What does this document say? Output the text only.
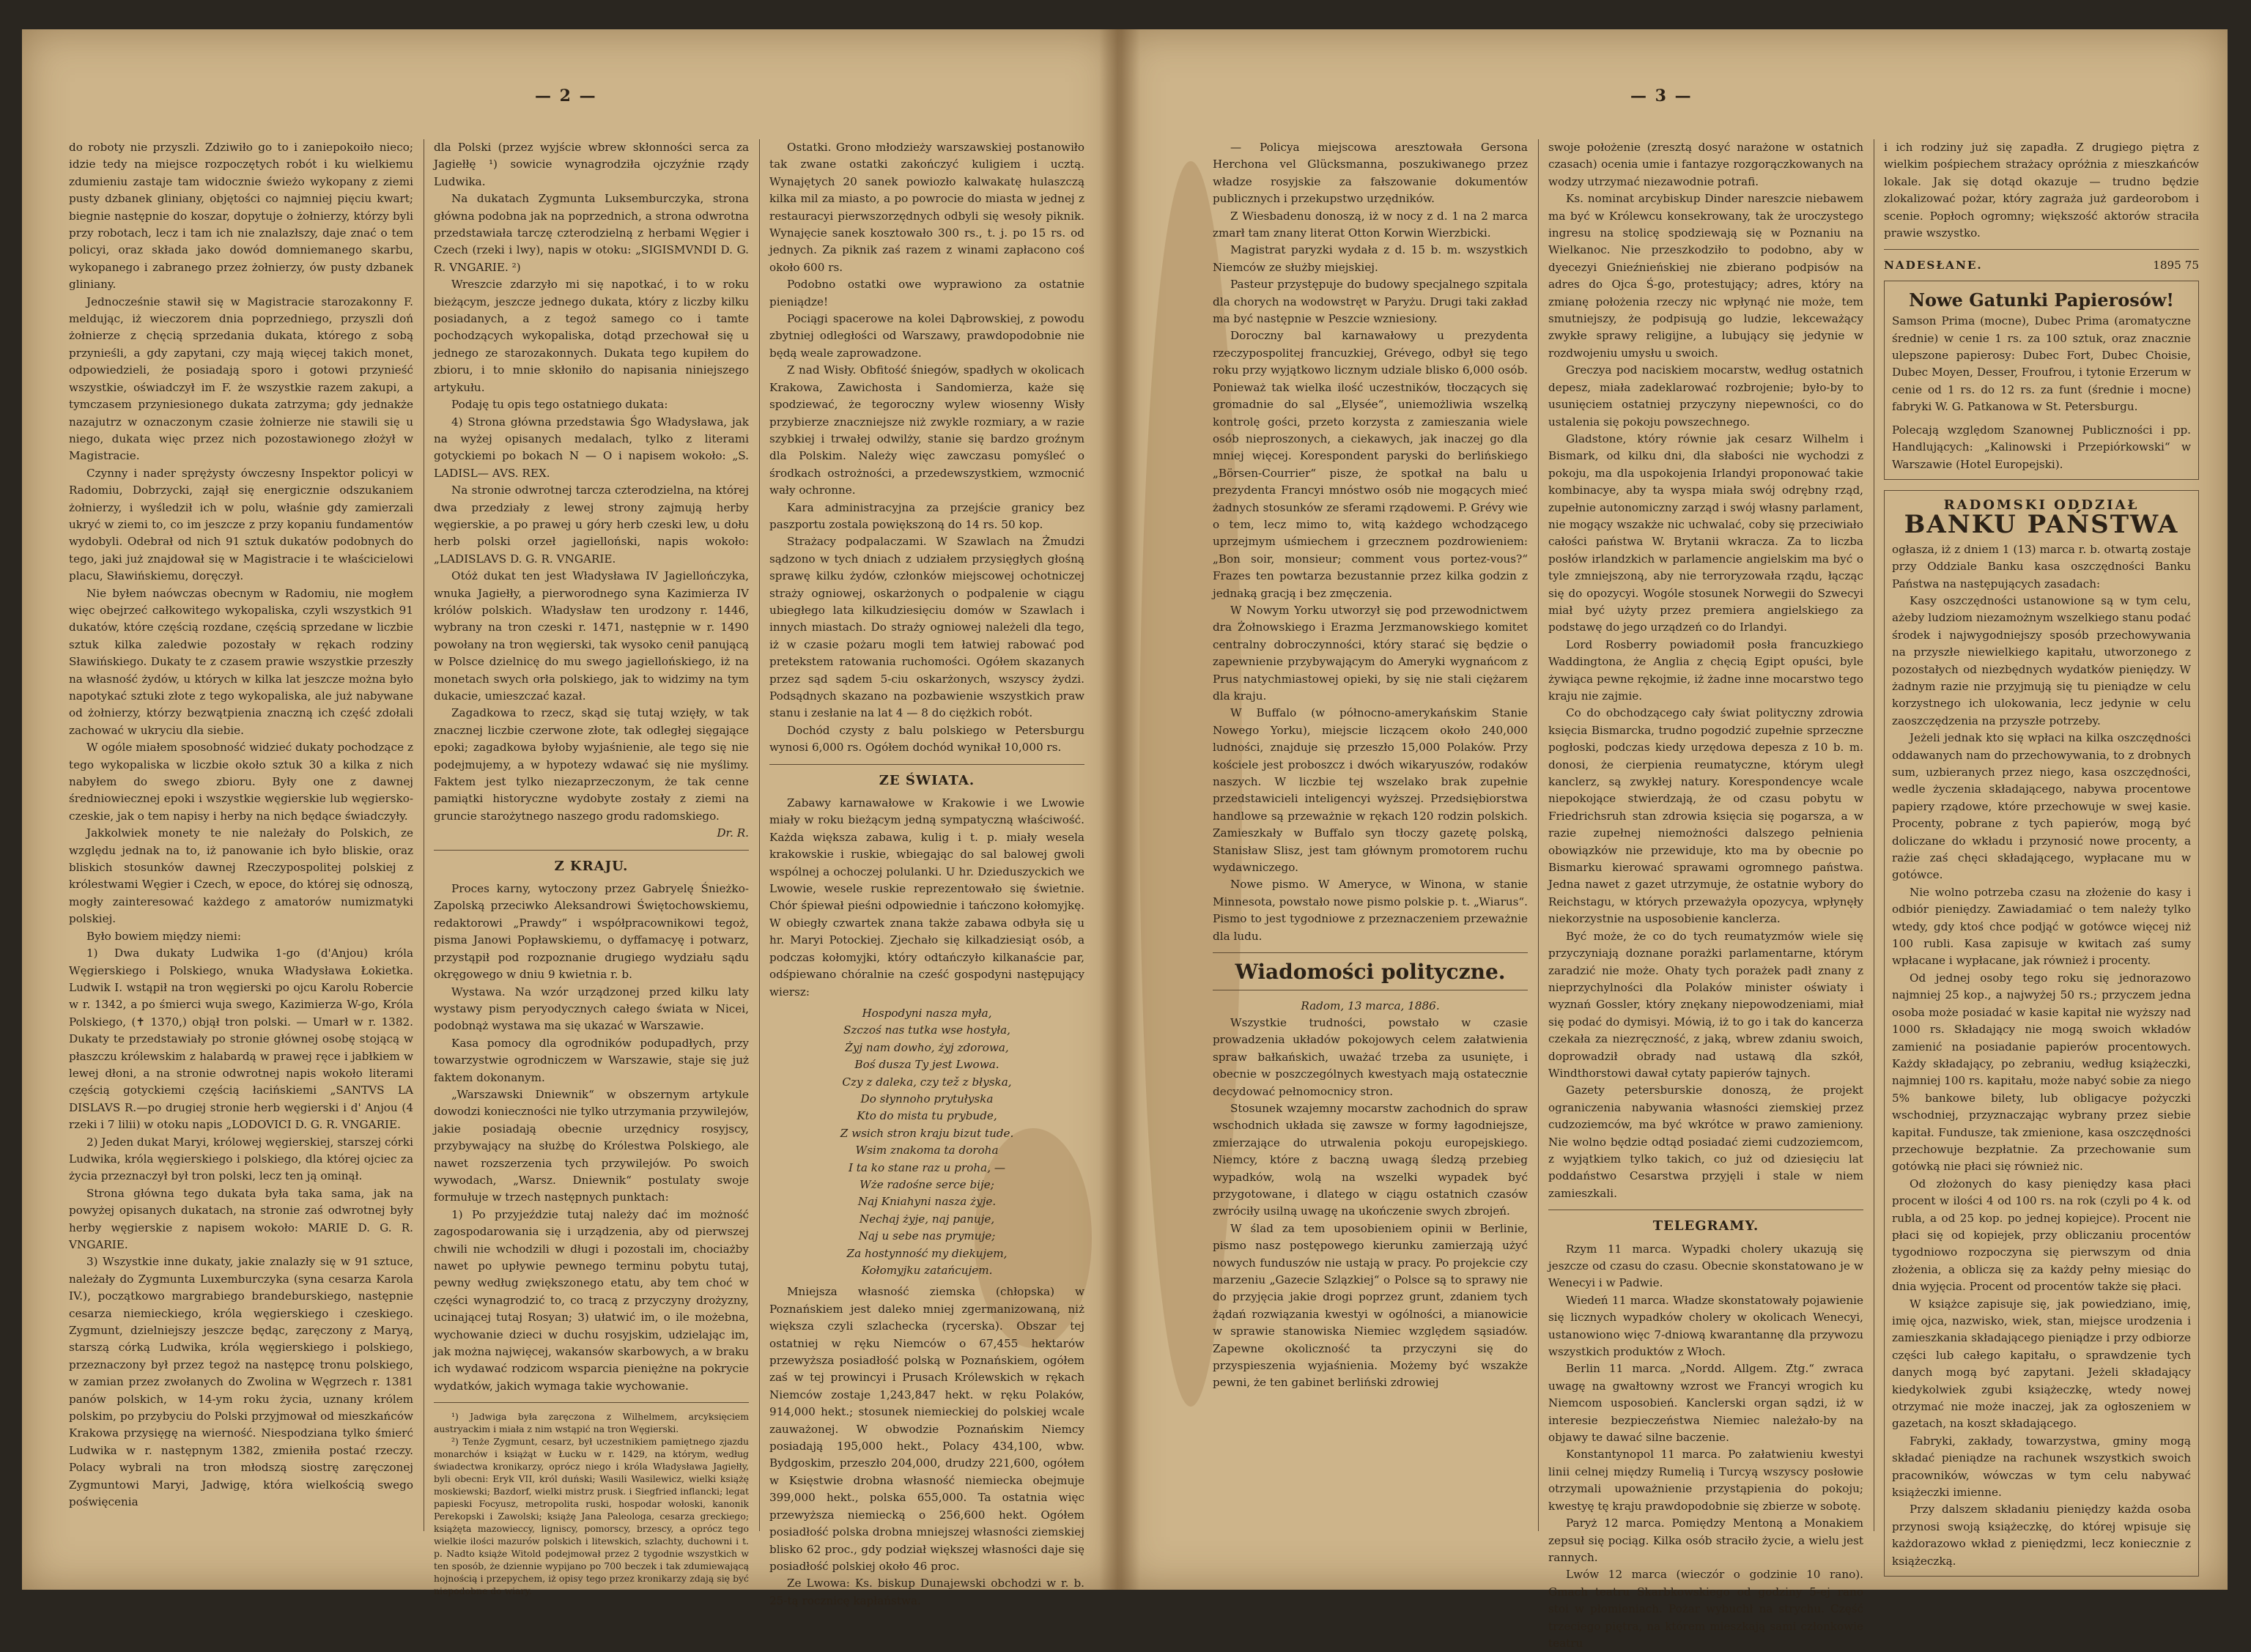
— 2 —

do roboty nie przyszli. Zdziwiło go to i zaniepokoiło nieco; idzie tedy na miejsce rozpoczętych robót i ku wielkiemu zdumieniu zastaje tam widocznie świeżo wykopany z ziemi pusty dzbanek gliniany, objętości co najmniej pięciu kwart; biegnie następnie do koszar, dopytuje o żołnierzy, którzy byli przy robotach, lecz i tam ich nie znalazłszy, daje znać o tem policyi, oraz składa jako dowód domniemanego skarbu, wykopanego i zabranego przez żołnierzy, ów pusty dzbanek gliniany.

Jednocześnie stawił się w Magistracie starozakonny F. meldując, iż wieczorem dnia poprzedniego, przyszli doń żołnierze z chęcią sprzedania dukata, którego z sobą przynieśli, a gdy zapytani, czy mają więcej takich monet, odpowiedzieli, że posiadają sporo i gotowi przynieść wszystkie, oświadczył im F. że wszystkie razem zakupi, a tymczasem przyniesionego dukata zatrzyma; gdy jednakże nazajutrz w oznaczonym czasie żołnierze nie stawili się u niego, dukata więc przez nich pozostawionego złożył w Magistracie.

Czynny i nader sprężysty ówczesny Inspektor policyi w Radomiu, Dobrzycki, zajął się energicznie odszukaniem żołnierzy, i wyśledził ich w polu, właśnie gdy zamierzali ukryć w ziemi to, co im jeszcze z przy kopaniu fundamentów wydobyli. Odebrał od nich 91 sztuk dukatów podobnych do tego, jaki już znajdował się w Magistracie i te właścicielowi placu, Sławińskiemu, doręczył.

Nie byłem naówczas obecnym w Radomiu, nie mogłem więc obejrzeć całkowitego wykopaliska, czyli wszystkich 91 dukatów, które częścią rozdane, częścią sprzedane w liczbie sztuk kilka zaledwie pozostały w rękach rodziny Sławińskiego. Dukaty te z czasem prawie wszystkie przeszły na własność żydów, u których w kilka lat jeszcze można było napotykać sztuki złote z tego wykopaliska, ale już nabywane od żołnierzy, którzy bezwątpienia znaczną ich część zdołali zachować w ukryciu dla siebie.

W ogóle miałem sposobność widzieć dukaty pochodzące z tego wykopaliska w liczbie około sztuk 30 a kilka z nich nabyłem do swego zbioru. Były one z dawnej średniowiecznej epoki i wszystkie węgierskie lub węgiersko-czeskie, jak o tem napisy i herby na nich będące świadczyły.

Jakkolwiek monety te nie należały do Polskich, ze względu jednak na to, iż panowanie ich było bliskie, oraz bliskich stosunków dawnej Rzeczypospolitej polskiej z królestwami Węgier i Czech, w epoce, do której się odnoszą, mogły zainteresować każdego z amatorów numizmatyki polskiej.

Było bowiem między niemi:

1) Dwa dukaty Ludwika 1-go (d'Anjou) króla Węgierskiego i Polskiego, wnuka Władysława Łokietka. Ludwik I. wstąpił na tron węgierski po ojcu Karolu Robercie w r. 1342, a po śmierci wuja swego, Kazimierza W-go, Króla Polskiego, (✝ 1370,) objął tron polski. — Umarł w r. 1382. Dukaty te przedstawiały po stronie głównej osobę stojącą w płaszczu królewskim z halabardą w prawej ręce i jabłkiem w lewej dłoni, a na stronie odwrotnej napis wokoło literami częścią gotyckiemi częścią łacińskiemi „SANTVS LA DISLAVS R.—po drugiej stronie herb węgierski i d' Anjou (4 rzeki i 7 lilii) w otoku napis „LODOVICI D. G. R. VNGARIE.

2) Jeden dukat Maryi, królowej węgierskiej, starszej córki Ludwika, króla węgierskiego i polskiego, dla której ojciec za życia przeznaczył był tron polski, lecz ten ją ominął.

Strona główna tego dukata była taka sama, jak na powyżej opisanych dukatach, na stronie zaś odwrotnej były herby węgierskie z napisem wokoło: MARIE D. G. R. VNGARIE.

3) Wszystkie inne dukaty, jakie znalazły się w 91 sztuce, należały do Zygmunta Luxemburczyka (syna cesarza Karola IV.), początkowo margrabiego brandeburskiego, następnie cesarza niemieckiego, króla węgierskiego i czeskiego. Zygmunt, dzielniejszy jeszcze będąc, zaręczony z Maryą, starszą córką Ludwika, króla węgierskiego i polskiego, przeznaczony był przez tegoż na następcę tronu polskiego, w zamian przez zwołanych do Zwolina w Węgrzech r. 1381 panów polskich, w 14-ym roku życia, uznany królem polskim, po przybyciu do Polski przyjmował od mieszkańców Krakowa przysięgę na wierność. Niespodziana tylko śmierć Ludwika w r. następnym 1382, zmieniła postać rzeczy. Polacy wybrali na tron młodszą siostrę zaręczonej Zygmuntowi Maryi, Jadwigę, która wielkością swego poświęcenia

dla Polski (przez wyjście wbrew skłonności serca za Jagiełłę ¹) sowicie wynagrodziła ojczyźnie rządy Ludwika.

Na dukatach Zygmunta Luksemburczyka, strona główna podobna jak na poprzednich, a strona odwrotna przedstawiała tarczę czterodzielną z herbami Węgier i Czech (rzeki i lwy), napis w otoku: „SIGISMVNDI D. G. R. VNGARIE. ²)

Wreszcie zdarzyło mi się napotkać, i to w roku bieżącym, jeszcze jednego dukata, który z liczby kilku posiadanych, a z tegoż samego co i tamte pochodzących wykopaliska, dotąd przechował się u jednego ze starozakonnych. Dukata tego kupiłem do zbioru, i to mnie skłoniło do napisania niniejszego artykułu.

Podaję tu opis tego ostatniego dukata:

4) Strona główna przedstawia Śgo Władysława, jak na wyżej opisanych medalach, tylko z literami gotyckiemi po bokach N — O i napisem wokoło: „S. LADISL— AVS. REX.

Na stronie odwrotnej tarcza czterodzielna, na której dwa przedziały z lewej strony zajmują herby węgierskie, a po prawej u góry herb czeski lew, u dołu herb polski orzeł jagielloński, napis wokoło: „LADISLAVS D. G. R. VNGARIE.

Otóż dukat ten jest Władysława IV Jagiellończyka, wnuka Jagiełły, a pierworodnego syna Kazimierza IV królów polskich. Władysław ten urodzony r. 1446, wybrany na tron czeski r. 1471, następnie w r. 1490 powołany na tron węgierski, tak wysoko cenił panującą w Polsce dzielnicę do mu swego jagiellońskiego, iż na monetach swych orła polskiego, jak to widzimy na tym dukacie, umieszczać kazał.

Zagadkowa to rzecz, skąd się tutaj wzięły, w tak znacznej liczbie czerwone złote, tak odległej sięgające epoki; zagadkowa byłoby wyjaśnienie, ale tego się nie podejmujemy, a w hypotezy wdawać się nie myślimy. Faktem jest tylko niezaprzeczonym, że tak cenne pamiątki historyczne wydobyte zostały z ziemi na gruncie starożytnego naszego grodu radomskiego.

Dr. R.
Z KRAJU.

Proces karny, wytoczony przez Gabryelę Śnieżko-Zapolską przeciwko Aleksandrowi Świętochowskiemu, redaktorowi „Prawdy“ i współpracownikowi tegoż, pisma Janowi Popławskiemu, o dyffamacyę i potwarz, przystąpił pod rozpoznanie drugiego wydziału sądu okręgowego w dniu 9 kwietnia r. b.

Wystawa. Na wzór urządzonej przed kilku laty wystawy pism peryodycznych całego świata w Nicei, podobnąż wystawa ma się ukazać w Warszawie.

Kasa pomocy dla ogrodników podupadłych, przy towarzystwie ogrodniczem w Warszawie, staje się już faktem dokonanym.

„Warszawski Dniewnik“ w obszernym artykule dowodzi konieczności nie tylko utrzymania przywilejów, jakie posiadają obecnie urzędnicy rosyjscy, przybywający na służbę do Królestwa Polskiego, ale nawet rozszerzenia tych przywilejów. Po swoich wywodach, „Warsz. Dniewnik“ postulaty swoje formułuje w trzech następnych punktach:

1) Po przyjeździe tutaj należy dać im możność zagospodarowania się i urządzenia, aby od pierwszej chwili nie wchodzili w długi i pozostali im, chociażby nawet po upływie pewnego terminu pobytu tutaj, pewny według zwiększonego etatu, aby tem choć w części wynagrodzić to, co tracą z przyczyny drożyzny, ucinającej tutaj Rosyan; 3) ułatwić im, o ile możebna, wychowanie dzieci w duchu rosyjskim, udzielając im, jak można najwięcej, wakansów skarbowych, a w braku ich wydawać rodzicom wsparcia pieniężne na pokrycie wydatków, jakich wymaga takie wychowanie.

¹) Jadwiga była zaręczona z Wilhelmem, arcyksięciem austryackim i miała z nim wstąpić na tron Węgierski.

²) Tenże Zygmunt, cesarz, był uczestnikiem pamiętnego zjazdu monarchów i książąt w Łucku w r. 1429, na którym, według świadectwa kronikarzy, oprócz niego i króla Władysława Jagiełły, byli obecni: Eryk VII, król duński; Wasili Wasilewicz, wielki książę moskiewski; Bazdorf, wielki mistrz prusk. i Siegfried inflancki; legat papieski Focyusz, metropolita ruski, hospodar wołoski, kanonik Perekopski i Zawolski; książę Jana Paleologa, cesarza greckiego; książęta mazowieccy, ligniscy, pomorscy, brzescy, a oprócz tego wielkie ilości mazurów polskich i litewskich, szlachty, duchowni i t. p. Nadto książe Witold podejmował przez 2 tygodnie wszystkich w ten sposób, że dziennie wypijano po 700 beczek i tak zdumiewającą hojnością i przepychem, iż opisy tego przez kronikarzy zdają się być niepodobne do wiary.

Ostatki. Grono młodzieży warszawskiej postanowiło tak zwane ostatki zakończyć kuligiem i ucztą. Wynajętych 20 sanek powiozło kalwakatę hulaszczą kilka mil za miasto, a po powrocie do miasta w jednej z restauracyi pierwszorzędnych odbyli się wesoły piknik. Wynajęcie sanek kosztowało 300 rs., t. j. po 15 rs. od jednych. Za piknik zaś razem z winami zapłacono coś około 600 rs.

Podobno ostatki owe wyprawiono za ostatnie pieniądze!

Pociągi spacerowe na kolei Dąbrowskiej, z powodu zbytniej odległości od Warszawy, prawdopodobnie nie będą weale zaprowadzone.

Z nad Wisły. Obfitość śniegów, spadłych w okolicach Krakowa, Zawichosta i Sandomierza, każe się spodziewać, że tegoroczny wylew wiosenny Wisły przybierze znaczniejsze niż zwykle rozmiary, a w razie szybkiej i trwałej odwilży, stanie się bardzo groźnym dla Polskim. Należy więc zawczasu pomyśleć o środkach ostrożności, a przedewszystkiem, wzmocnić wały ochronne.

Kara administracyjna za przejście granicy bez paszportu zostala powiększoną do 14 rs. 50 kop.

Strażacy podpalaczami. W Szawlach na Żmudzi sądzono w tych dniach z udziałem przysięgłych głośną sprawę kilku żydów, członków miejscowej ochotniczej straży ogniowej, oskarżonych o podpalenie w ciągu ubiegłego lata kilkudziesięciu domów w Szawlach i innych miastach. Do straży ogniowej należeli dla tego, iż w czasie pożaru mogli tem łatwiej rabować pod pretekstem ratowania ruchomości. Ogółem skazanych przez sąd sądem 5-ciu oskarżonych, wszyscy żydzi. Podsądnych skazano na pozbawienie wszystkich praw stanu i zesłanie na lat 4 — 8 do ciężkich robót.

Dochód czysty z balu polskiego w Petersburgu wynosi 6,000 rs. Ogółem dochód wynikał 10,000 rs.

ZE ŚWIATA.

Zabawy karnawałowe w Krakowie i we Lwowie miały w roku bieżącym jedną sympatyczną właściwość. Każda większa zabawa, kulig i t. p. miały wesela krakowskie i ruskie, wbiegając do sal balowej gwoli wspólnej a ochoczej polulanki. U hr. Dzieduszyckich we Lwowie, wesele ruskie reprezentowało się świetnie. Chór śpiewał pieśni odpowiednie i tańczono kołomyjkę. W obiegły czwartek znana także zabawa odbyła się u hr. Maryi Potockiej. Zjechało się kilkadziesiąt osób, a podczas kołomyjki, który odtańczyło kilkanaście par, odśpiewano chóralnie na cześć gospodyni następujący wiersz:

Hospodyni nasza myła,
Szczoś nas tutka wse hostyła,
Żyj nam dowho, żyj zdorowa,
Boś dusza Ty jest Lwowa.
Czy z daleka, czy tež z błyska,
Do słynnoho prytułyska
Kto do mista tu prybude,
Z wsich stron kraju bizut tude.
Wsim znakoma ta doroha
I ta ko stane raz u proha, —
Wże radośne serce bije;
Naj Kniahyni nasza żyje.
Nechaj żyje, naj panuje,
Naj u sebe nas prymuje;
Za hostynność my diekujem,
Kołomyjku zatańcujem.

Mniejsza własność ziemska (chłopska) w Poznańskiem jest daleko mniej zgermanizowaną, niż większa czyli szlachecka (rycerska). Obszar tej ostatniej w ręku Niemców o 67,455 hektarów przewyższa posiadłość polską w Poznańskiem, ogółem zaś w tej prowincyi i Prusach Królewskich w rękach Niemców zostaje 1,243,847 hekt. w ręku Polaków, 914,000 hekt.; stosunek niemieckiej do polskiej wcale zauważonej. W obwodzie Poznańskim Niemcy posiadają 195,000 hekt., Polacy 434,100, wbw. Bydgoskim, przeszło 204,000, drudzy 221,600, ogółem w Księstwie drobna własność niemiecka obejmuje 399,000 hekt., polska 655,000. Ta ostatnia więc przewyższa niemiecką o 256,600 hekt. Ogółem posiadłość polska drobna mniejszej własności ziemskiej blisko 62 proc., gdy podział większej własności daje się posiadłość polskiej około 46 proc.

Ze Lwowa: Ks. biskup Dunajewski obchodzi w r. b. 25-tą rocznicę kapłaństwa.

— 3 —

— Policya miejscowa aresztowała Gersona Herchona vel Glücksmanna, poszukiwanego przez władze rosyjskie za fałszowanie dokumentów publicznych i przekupstwo urzędników.

Z Wiesbadenu donoszą, iż w nocy z d. 1 na 2 marca zmarł tam znany literat Otton Korwin Wierzbicki.

Magistrat paryzki wydała z d. 15 b. m. wszystkich Niemców ze służby miejskiej.

Pasteur przystępuje do budowy specjalnego szpitala dla chorych na wodowstręt w Paryżu. Drugi taki zakład ma być następnie w Peszcie wzniesiony.

Doroczny bal karnawałowy u prezydenta rzeczypospolitej francuzkiej, Grévego, odbył się tego roku przy wyjątkowo licznym udziale blisko 6,000 osób. Ponieważ tak wielka ilość uczestników, tłoczących się gromadnie do sal „Elysée“, uniemożliwia wszelką kontrolę gości, przeto korzysta z zamieszania wiele osób nieproszonych, a ciekawych, jak inaczej go dla mniej więcej. Korespondent paryski do berlińskiego „Börsen-Courrier“ pisze, że spotkał na balu u prezydenta Francyi mnóstwo osób nie mogących mieć żadnych stosunków ze sferami rządowemi. P. Grévy wie o tem, lecz mimo to, witą każdego wchodzącego uprzejmym uśmiechem i grzecznem pozdrowieniem: „Bon soir, monsieur; comment vous portez-vous?“ Frazes ten powtarza bezustannie przez kilka godzin z jednaką gracją i bez zmęczenia.

W Nowym Yorku utworzył się pod przewodnictwem dra Żołnowskiego i Erazma Jerzmanowskiego komitet centralny dobroczynności, który starać się będzie o zapewnienie przybywającym do Ameryki wygnańcom z Prus natychmiastowej opieki, by się nie stali ciężarem dla kraju.

W Buffalo (w północno-amerykańskim Stanie Nowego Yorku), miejscie liczącem około 240,000 ludności, znajduje się przeszło 15,000 Polaków. Przy kościele jest proboszcz i dwóch wikaryuszów, rodaków naszych. W liczbie tej wszelako brak zupełnie przedstawicieli inteligencyi wyższej. Przedsiębiorstwa handlowe są przeważnie w rękach 120 rodzin polskich. Zamieszkały w Buffalo syn tłoczy gazetę polską, Stanisław Slisz, jest tam głównym promotorem ruchu wydawniczego.

Nowe pismo. W Ameryce, w Winona, w stanie Minnesota, powstało nowe pismo polskie p. t. „Wiarus“. Pismo to jest tygodniowe z przeznaczeniem przeważnie dla ludu.

Wiadomości polityczne.
Radom, 13 marca, 1886.

Wszystkie trudności, powstało w czasie prowadzenia układów pokojowych celem załatwienia spraw bałkańskich, uważać trzeba za usunięte, i obecnie w poszczególnych kwestyach mają ostatecznie decydować pełnomocnicy stron.

Stosunek wzajemny mocarstw zachodnich do spraw wschodnich układa się zawsze w formy łagodniejsze, zmierzające do utrwalenia pokoju europejskiego. Niemcy, które z baczną uwagą śledzą przebieg wypadków, wolą na wszelki wypadek być przygotowane, i dlatego w ciągu ostatnich czasów zwróciły usilną uwagę na ukończenie swych zbrojeń.

W ślad za tem uposobieniem opinii w Berlinie, pismo nasz postępowego kierunku zamierzają użyć nowych funduszów nie ustają w pracy. Po projekcie czy marzeniu „Gazecie Szlązkiej“ o Polsce są to sprawy nie do przyjęcia jakie drogi poprzez grunt, zdaniem tych żądań rozwiązania kwestyi w ogólności, a mianowicie w sprawie stanowiska Niemiec względem sąsiadów. Zapewne okoliczność ta przyczyni się do przyspieszenia wyjaśnienia. Możemy być wszakże pewni, że ten gabinet berliński zdrowiej

swoje położenie (zresztą dosyć narażone w ostatnich czasach) ocenia umie i fantazye rozgorączkowanych na wodzy utrzymać niezawodnie potrafi.

Ks. nominat arcybiskup Dinder nareszcie niebawem ma być w Królewcu konsekrowany, tak że uroczystego ingresu na stolicę spodziewają się w Poznaniu na Wielkanoc. Nie przeszkodziło to podobno, aby w dyecezyi Gnieźnieńskiej nie zbierano podpisów na adres do Ojca Ś-go, protestujący; adres, który na zmianę położenia rzeczy nic wpłynąć nie może, tem smutniejszy, że podpisują go ludzie, lekceważący zwykłe sprawy religijne, a lubujący się jedynie w rozdwojeniu umysłu u swoich.

Greczya pod naciskiem mocarstw, według ostatnich depesz, miała zadeklarować rozbrojenie; było-by to usunięciem ostatniej przyczyny niepewności, co do ustalenia się pokoju powszechnego.

Gladstone, który równie jak cesarz Wilhelm i Bismark, od kilku dni, dla słabości nie wychodzi z pokoju, ma dla uspokojenia Irlandyi proponować takie kombinacye, aby ta wyspa miała swój odrębny rząd, zupełnie autonomiczny zarząd i swój własny parlament, nie mogący wszakże nic uchwalać, coby się przeciwiało całości państwa W. Brytanii wkracza. Za to liczba posłów irlandzkich w parlamencie angielskim ma być o tyle zmniejszoną, aby nie terroryzowała rządu, łącząc się do opozycyi. Wogóle stosunek Norwegii do Szwecyi miał być użyty przez premiera angielskiego za podstawę do jego urządzeń co do Irlandyi.

Lord Rosberry powiadomił posła francuzkiego Waddingtona, że Anglia z chęcią Egipt opuści, byle żywiąca pewne rękojmie, iż żadne inne mocarstwo tego kraju nie zajmie.

Co do obchodzącego cały świat polityczny zdrowia księcia Bismarcka, trudno pogodzić zupełnie sprzeczne pogłoski, podczas kiedy urzędowa depesza z 10 b. m. donosi, że cierpienia reumatyczne, którym uległ kanclerz, są zwykłej natury. Korespondencye wcale niepokojące stwierdzają, że od czasu pobytu w Friedrichsruh stan zdrowia księcia się pogarsza, a w razie zupełnej niemożności dalszego pełnienia obowiązków nie przewiduje, kto ma by obecnie po Bismarku kierować sprawami ogromnego państwa. Jedna nawet z gazet utrzymuje, że ostatnie wybory do Reichstagu, w których przeważyła opozycya, wpłynęły niekorzystnie na usposobienie kanclerza.

Być może, że co do tych reumatyzmów wiele się przyczyniają doznane porażki parlamentarne, którym zaradzić nie może. Ohaty tych porażek padł znany z nieprzychylności dla Polaków minister oświaty i wyznań Gossler, który znękany niepowodzeniami, miał się podać do dymisyi. Mówią, iż to go i tak do kancerza czekała za niezręczność, z jaką, wbrew zdaniu swoich, doprowadził obrady nad ustawą dla szkół, Windthorstowi dawał cytaty papierów tajnych.

Gazety petersburskie donoszą, że projekt ograniczenia nabywania własności ziemskiej przez cudzoziemców, ma być wkrótce w prawo zamieniony. Nie wolno będzie odtąd posiadać ziemi cudzoziemcom, z wyjątkiem tylko takich, co już od dziesięciu lat poddaństwo Cesarstwa przyjęli i stale w niem zamieszkali.

TELEGRAMY.

Rzym 11 marca. Wypadki cholery ukazują się jeszcze od czasu do czasu. Obecnie skonstatowano je w Wenecyi i w Padwie.

Wiedeń 11 marca. Władze skonstatowały pojawienie się licznych wypadków cholery w okolicach Wenecyi, ustanowiono więc 7-dniową kwarantannę dla przywozu wszystkich produktów z Włoch.

Berlin 11 marca. „Nordd. Allgem. Ztg.“ zwraca uwagę na gwałtowny wzrost we Francyi wrogich ku Niemcom usposobień. Kanclerski organ sądzi, iż w interesie bezpieczeństwa Niemiec należało-by na objawy te dawać silne baczenie.

Konstantynopol 11 marca. Po załatwieniu kwestyi linii celnej między Rumelią i Turcyą wszyscy posłowie otrzymali upoważnienie przystąpienia do pokoju; kwestyę tę kraju prawdopodobnie się zbierze w sobotę.

Paryż 12 marca. Pomiędzy Mentoną a Monakiem zepsuł się pociąg. Kilka osób straciło życie, a wielu jest rannych.

Lwów 12 marca (wieczór o godzinie 10 rano). Gmach teatru Skarbkowskiego od godziny 5-ej rano stoi w płomieniach. Pożar wybuchł na strychu. Część trzeciego piętra, na którem mieszkają sami członkowie teatru

i ich rodziny już się zapadła. Z drugiego piętra z wielkim pośpiechem strażacy opróżnia z mieszkańców lokale. Jak się dotąd okazuje — trudno będzie zlokalizować pożar, który zagraża już gardeorobom i scenie. Popłoch ogromny; większość aktorów straciła prawie wszystko.

NADESŁANE.	1895 75
Nowe Gatunki Papierosów!

Samson Prima (mocne), Dubec Prima (aromatyczne średnie) w cenie 1 rs. za 100 sztuk, oraz znacznie ulepszone papierosy: Dubec Fort, Dubec Choisie, Dubec Moyen, Desser, Froufrou, i tytonie Erzerum w cenie od 1 rs. do 12 rs. za funt (średnie i mocne) fabryki W. G. Patkanowa w St. Petersburgu.

Polecają względom Szanownej Publiczności i pp. Handlujących: „Kalinowski i Przepiórkowski“ w Warszawie (Hotel Europejski).

RADOMSKI ODDZIAŁ
BANKU PAŃSTWA

ogłasza, iż z dniem 1 (13) marca r. b. otwartą zostaje przy Oddziale Banku kasa oszczędności Banku Państwa na następujących zasadach:

Kasy oszczędności ustanowione są w tym celu, ażeby ludziom niezamożnym wszelkiego stanu podać środek i najwygodniejszy sposób przechowywania na przyszłe niewielkiego kapitału, utworzonego z pozostałych od niezbędnych wydatków pieniędzy. W żadnym razie nie przyjmują się tu pieniądze w celu korzystnego ich ulokowania, lecz jedynie w celu zaoszczędzenia na przyszłe potrzeby.

Jeżeli jednak kto się wpłaci na kilka oszczędności oddawanych nam do przechowywania, to z drobnych sum, uzbieranych przez niego, kasa oszczędności, wedle życzenia składającego, nabywa procentowe papiery rządowe, które przechowuje w swej kasie. Procenty, pobrane z tych papierów, mogą być doliczane do wkładu i przynosić nowe procenty, a rażie zaś chęci składającego, wypłacane mu w gotówce.

Nie wolno potrzeba czasu na złożenie do kasy i odbiór pieniędzy. Zawiadamiać o tem należy tylko wtedy, gdy ktoś chce podjąć w gotówce więcej niż 100 rubli. Kasa zapisuje w kwitach zaś sumy wpłacane i wypłacane, jak również i procenty.

Od jednej osoby tego roku się jednorazowo najmniej 25 kop., a najwyżej 50 rs.; przyczem jedna osoba może posiadać w kasie kapitał nie wyższy nad 1000 rs. Składający nie mogą swoich wkładów zamienić na posiadanie papierów procentowych. Każdy składający, po zebraniu, według książeczki, najmniej 100 rs. kapitału, może nabyć sobie za niego 5% bankowe bilety, lub obligacye pożyczki wschodniej, przyznaczając wybrany przez siebie kapitał. Fundusze, tak zmienione, kasa oszczędności przechowuje bezpłatnie. Za przechowanie sum gotówką nie płaci się również nic.

Od złożonych do kasy pieniędzy kasa płaci procent w ilości 4 od 100 rs. na rok (czyli po 4 k. od rubla, a od 25 kop. po jednej kopiejce). Procent nie płaci się od kopiejek, przy obliczaniu procentów tygodniowo rozpoczyna się pierwszym od dnia złożenia, a oblicza się za każdy pełny miesiąc do dnia wyjęcia. Procent od procentów także się płaci.

W książce zapisuje się, jak powiedziano, imię, imię ojca, nazwisko, wiek, stan, miejsce urodzenia i zamieszkania składającego pieniądze i przy odbiorze części lub całego kapitału, o sprawdzenie tych danych mogą być zapytani. Jeżeli składający kiedykolwiek zgubi książeczkę, wtedy nowej otrzymać nie może inaczej, jak za ogłoszeniem w gazetach, na koszt składającego.

Fabryki, zakłady, towarzystwa, gminy mogą składać pieniądze na rachunek wszystkich swoich pracowników, wówczas w tym celu nabywać książeczki imienne.

Przy dalszem składaniu pieniędzy każda osoba przynosi swoją książeczkę, do której wpisuje się każdorazowo wkład z pieniędzmi, lecz koniecznie z książeczką.
